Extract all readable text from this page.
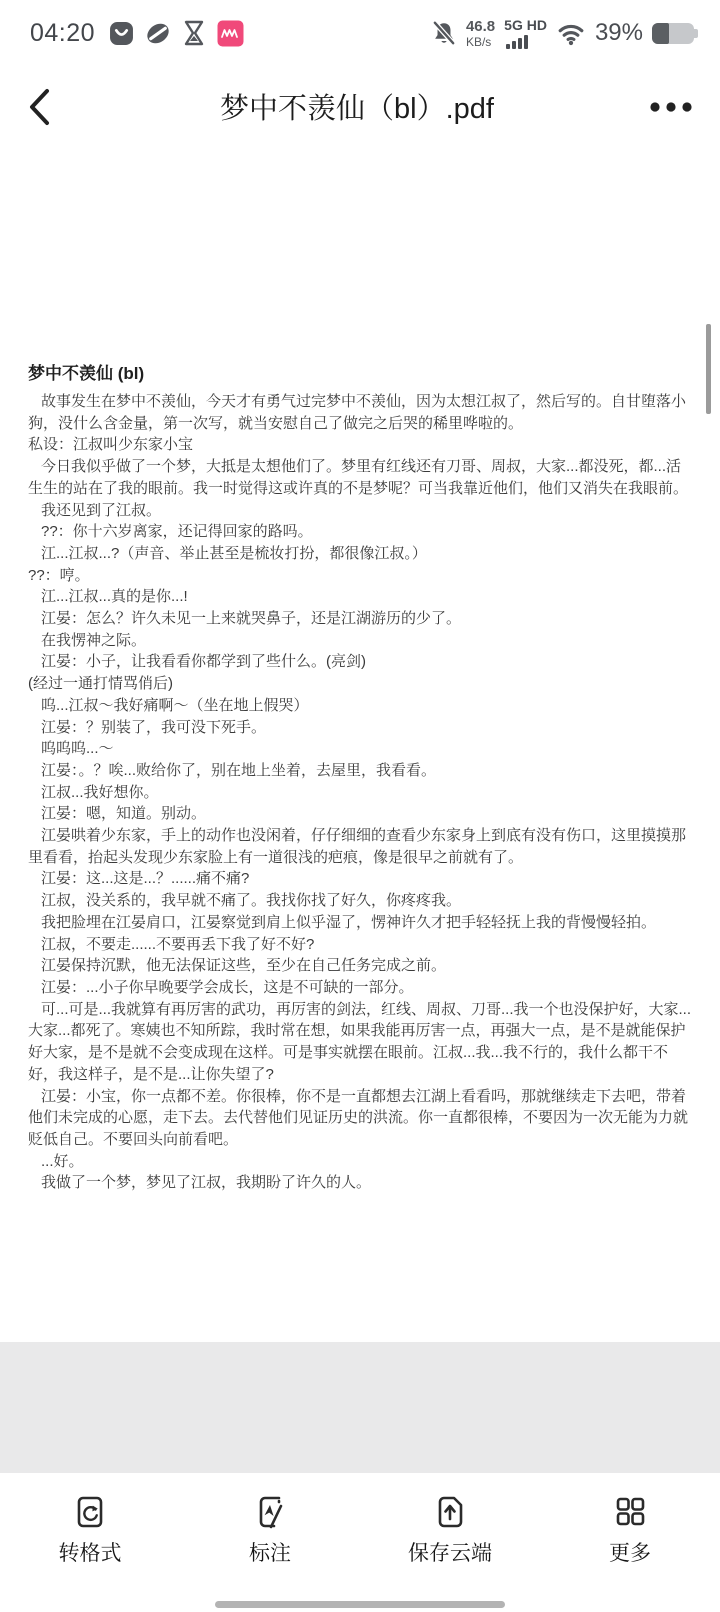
04:20	46.8
KB/s
5G HD 39%
梦中不羡仙（bl）.pdf
梦中不羡仙 (bl)

故事发生在梦中不羡仙，今天才有勇气过完梦中不羡仙，因为太想江叔了，然后写的。自甘堕落小狗，没什么含金量，第一次写，就当安慰自己了做完之后哭的稀里哗啦的。

私设：江叔叫少东家小宝

今日我似乎做了一个梦，大抵是太想他们了。梦里有红线还有刀哥、周叔，大家...都没死，都...活生生的站在了我的眼前。我一时觉得这或许真的不是梦呢？可当我靠近他们，他们又消失在我眼前。

我还见到了江叔。

??：你十六岁离家，还记得回家的路吗。

江...江叔...?（声音、举止甚至是梳妆打扮，都很像江叔。）

??：哼。

江...江叔...真的是你...!

江晏：怎么？许久未见一上来就哭鼻子，还是江湖游历的少了。

在我愣神之际。

江晏：小子，让我看看你都学到了些什么。(亮剑)

(经过一通打情骂俏后)

呜...江叔～我好痛啊～（坐在地上假哭）

江晏：？别装了，我可没下死手。

呜呜呜...～

江晏：。？唉...败给你了，别在地上坐着，去屋里，我看看。

江叔...我好想你。

江晏：嗯，知道。别动。

江晏哄着少东家，手上的动作也没闲着，仔仔细细的查看少东家身上到底有没有伤口，这里摸摸那里看看，抬起头发现少东家脸上有一道很浅的疤痕，像是很早之前就有了。

江晏：这...这是...？......痛不痛?

江叔，没关系的，我早就不痛了。我找你找了好久，你疼疼我。

我把脸埋在江晏肩口，江晏察觉到肩上似乎湿了，愣神许久才把手轻轻抚上我的背慢慢轻拍。

江叔，不要走......不要再丢下我了好不好?

江晏保持沉默，他无法保证这些，至少在自己任务完成之前。

江晏：...小子你早晚要学会成长，这是不可缺的一部分。

可...可是...我就算有再厉害的武功，再厉害的剑法，红线、周叔、刀哥...我一个也没保护好，大家...大家...都死了。寒姨也不知所踪，我时常在想，如果我能再厉害一点，再强大一点，是不是就能保护好大家，是不是就不会变成现在这样。可是事实就摆在眼前。江叔...我...我不行的，我什么都干不好，我这样子，是不是...让你失望了?

江晏：小宝，你一点都不差。你很棒，你不是一直都想去江湖上看看吗，那就继续走下去吧，带着他们未完成的心愿，走下去。去代替他们见证历史的洪流。你一直都很棒，不要因为一次无能为力就贬低自己。不要回头向前看吧。

...好。

我做了一个梦，梦见了江叔，我期盼了许久的人。

转格式	标注	保存云端	更多
